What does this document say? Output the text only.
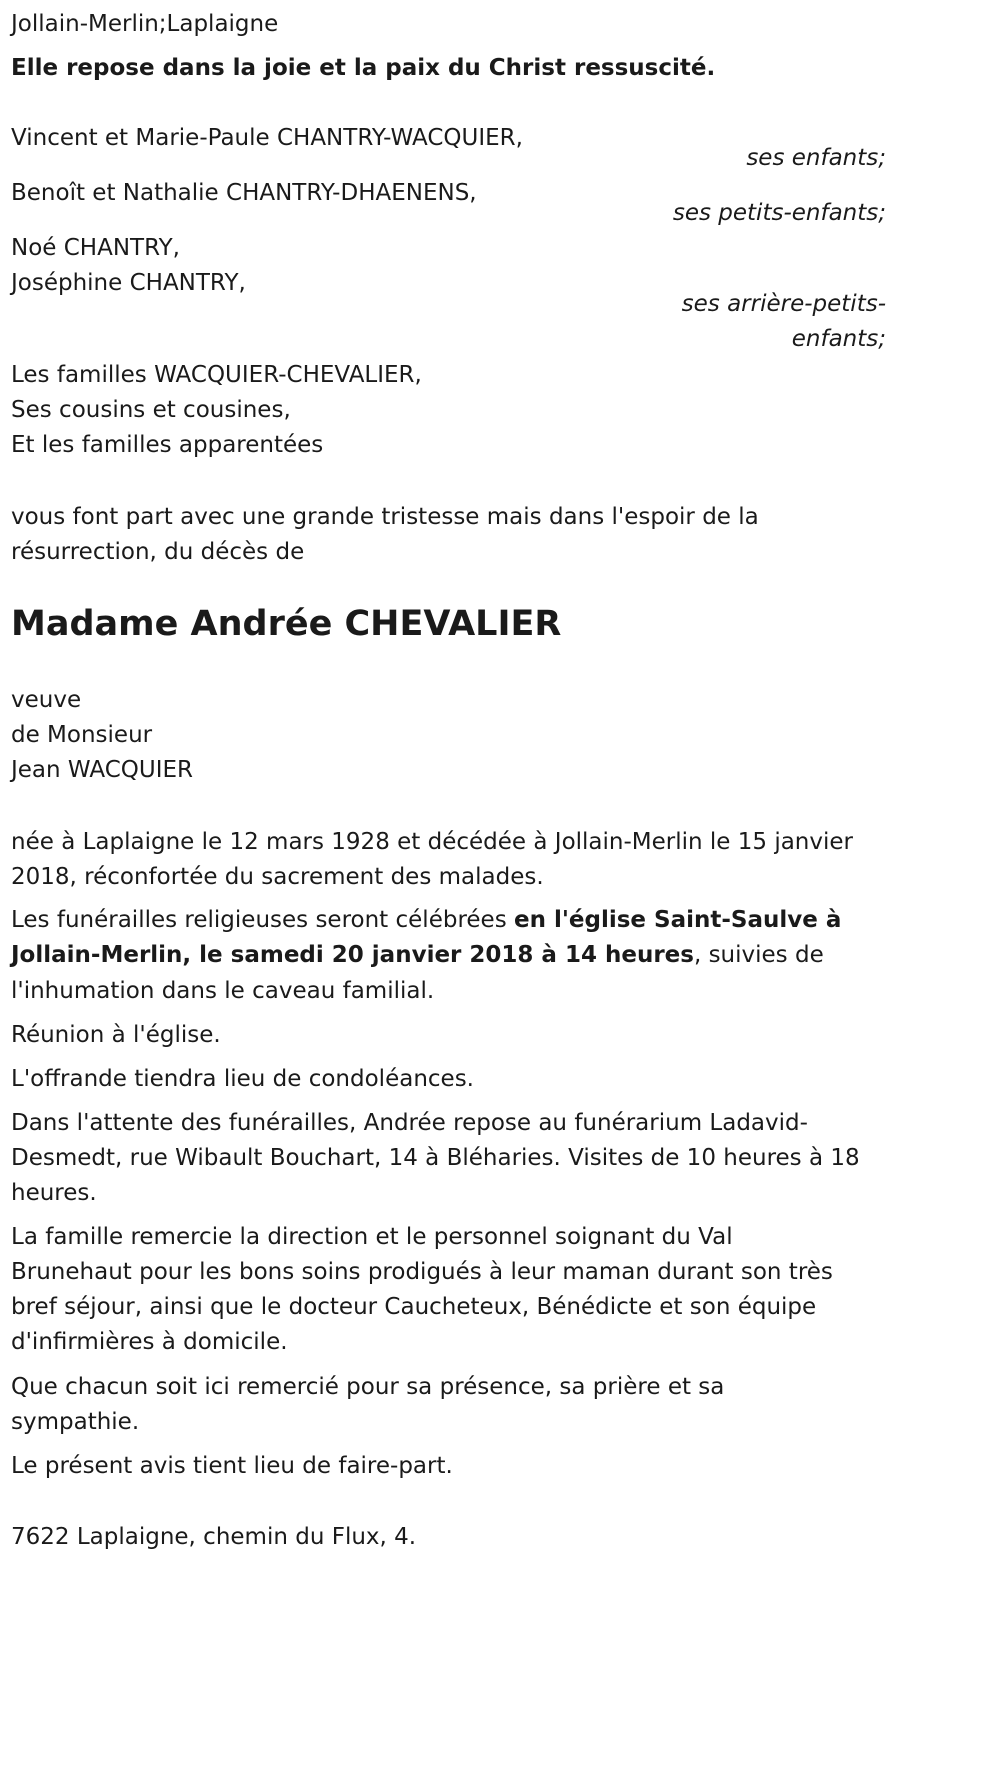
Jollain-Merlin;Laplaigne
Elle repose dans la joie et la paix du Christ ressuscité.
Vincent et Marie-Paule CHANTRY-WACQUIER,
ses enfants;
Benoît et Nathalie CHANTRY-DHAENENS,
ses petits-enfants;
Noé CHANTRY,
Joséphine CHANTRY,
ses arrière-petits-
enfants;
Les familles WACQUIER-CHEVALIER,
Ses cousins et cousines,
Et les familles apparentées
vous font part avec une grande tristesse mais dans l'espoir de la
résurrection, du décès de
Madame Andrée CHEVALIER
veuve
de Monsieur
Jean WACQUIER
née à Laplaigne le 12 mars 1928 et décédée à Jollain-Merlin le 15 janvier
2018, réconfortée du sacrement des malades.
Les funérailles religieuses seront célébrées en l'église Saint-Saulve à
Jollain-Merlin, le samedi 20 janvier 2018 à 14 heures, suivies de
l'inhumation dans le caveau familial.
Réunion à l'église.
L'offrande tiendra lieu de condoléances.
Dans l'attente des funérailles, Andrée repose au funérarium Ladavid-
Desmedt, rue Wibault Bouchart, 14 à Bléharies. Visites de 10 heures à 18
heures.
La famille remercie la direction et le personnel soignant du Val
Brunehaut pour les bons soins prodigués à leur maman durant son très
bref séjour, ainsi que le docteur Caucheteux, Bénédicte et son équipe
d'infirmières à domicile.
Que chacun soit ici remercié pour sa présence, sa prière et sa
sympathie.
Le présent avis tient lieu de faire-part.
7622 Laplaigne, chemin du Flux, 4.
